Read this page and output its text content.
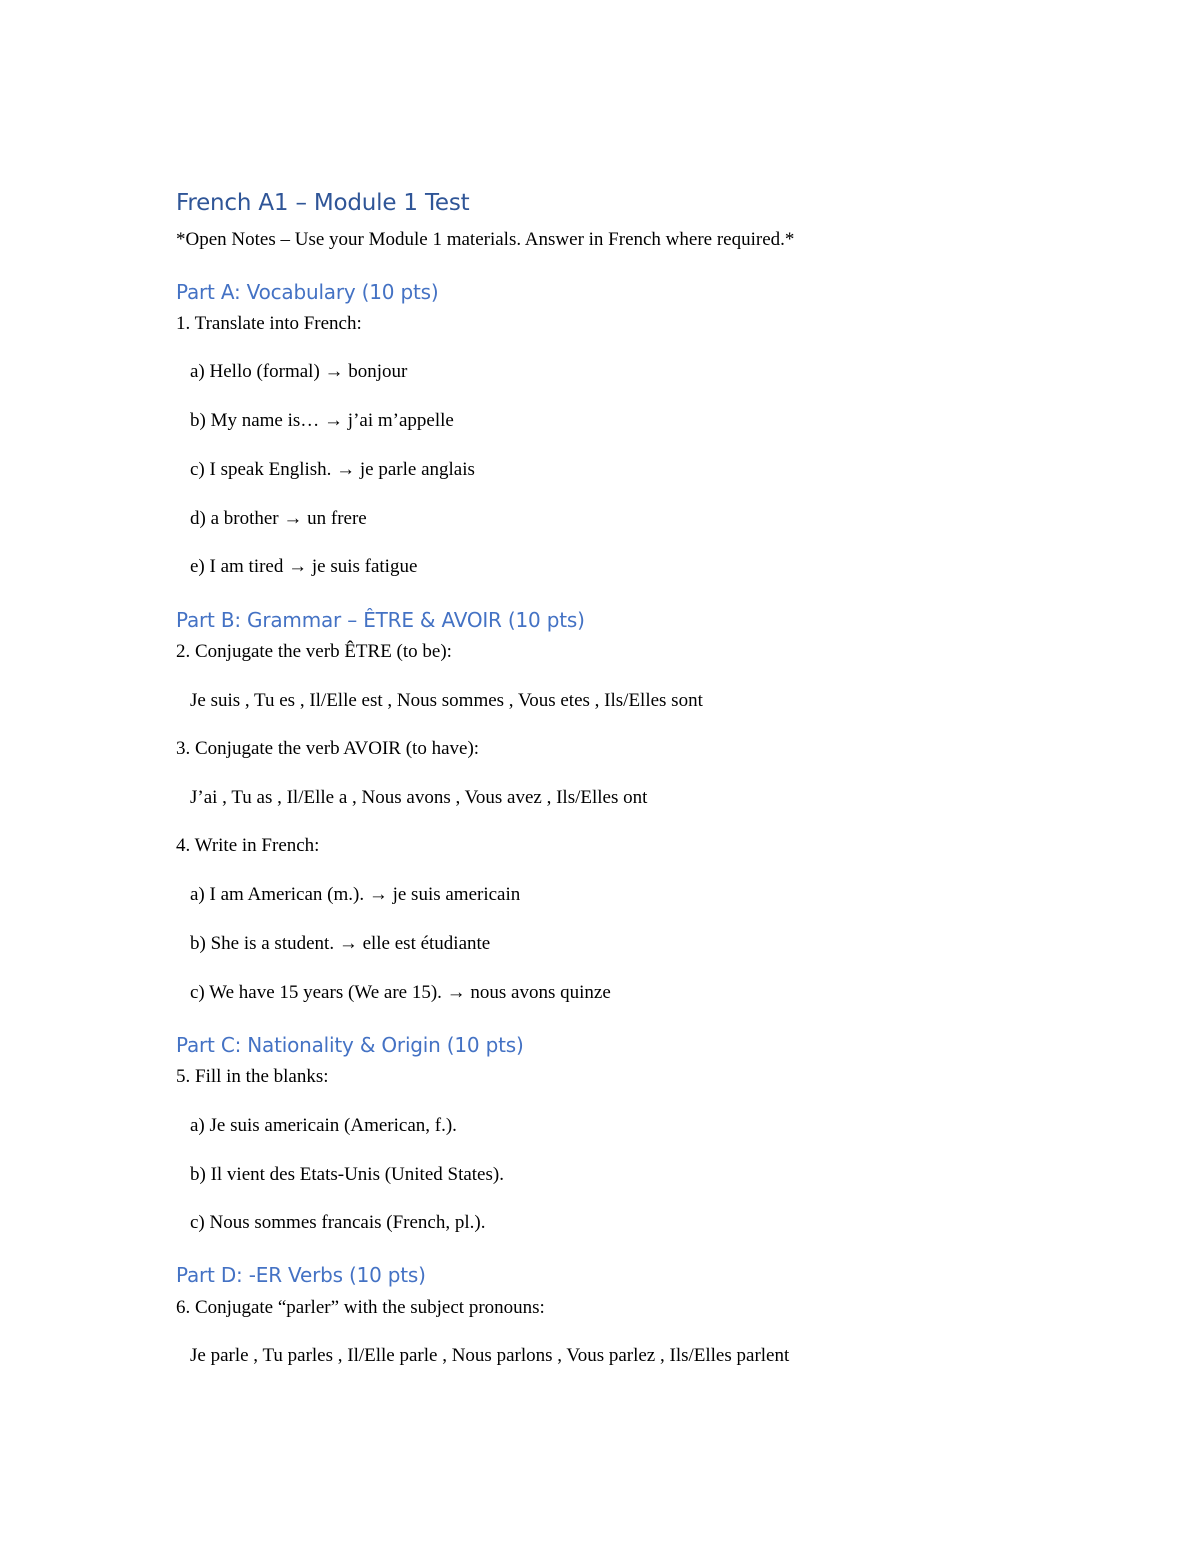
French A1 – Module 1 Test
*Open Notes – Use your Module 1 materials. Answer in French where required.*
Part A: Vocabulary (10 pts)
1. Translate into French:
a) Hello (formal) → bonjour
b) My name is… → j’ai m’appelle
c) I speak English. → je parle anglais
d) a brother → un frere
e) I am tired → je suis fatigue
Part B: Grammar – ÊTRE & AVOIR (10 pts)
2. Conjugate the verb ÊTRE (to be):
Je suis , Tu es , Il/Elle est , Nous sommes , Vous etes , Ils/Elles sont
3. Conjugate the verb AVOIR (to have):
J’ai , Tu as , Il/Elle a , Nous avons , Vous avez , Ils/Elles ont
4. Write in French:
a) I am American (m.). → je suis americain
b) She is a student. → elle est étudiante
c) We have 15 years (We are 15). → nous avons quinze
Part C: Nationality & Origin (10 pts)
5. Fill in the blanks:
a) Je suis americain (American, f.).
b) Il vient des Etats-Unis (United States).
c) Nous sommes francais (French, pl.).
Part D: -ER Verbs (10 pts)
6. Conjugate “parler” with the subject pronouns:
Je parle , Tu parles , Il/Elle parle , Nous parlons , Vous parlez , Ils/Elles parlent
